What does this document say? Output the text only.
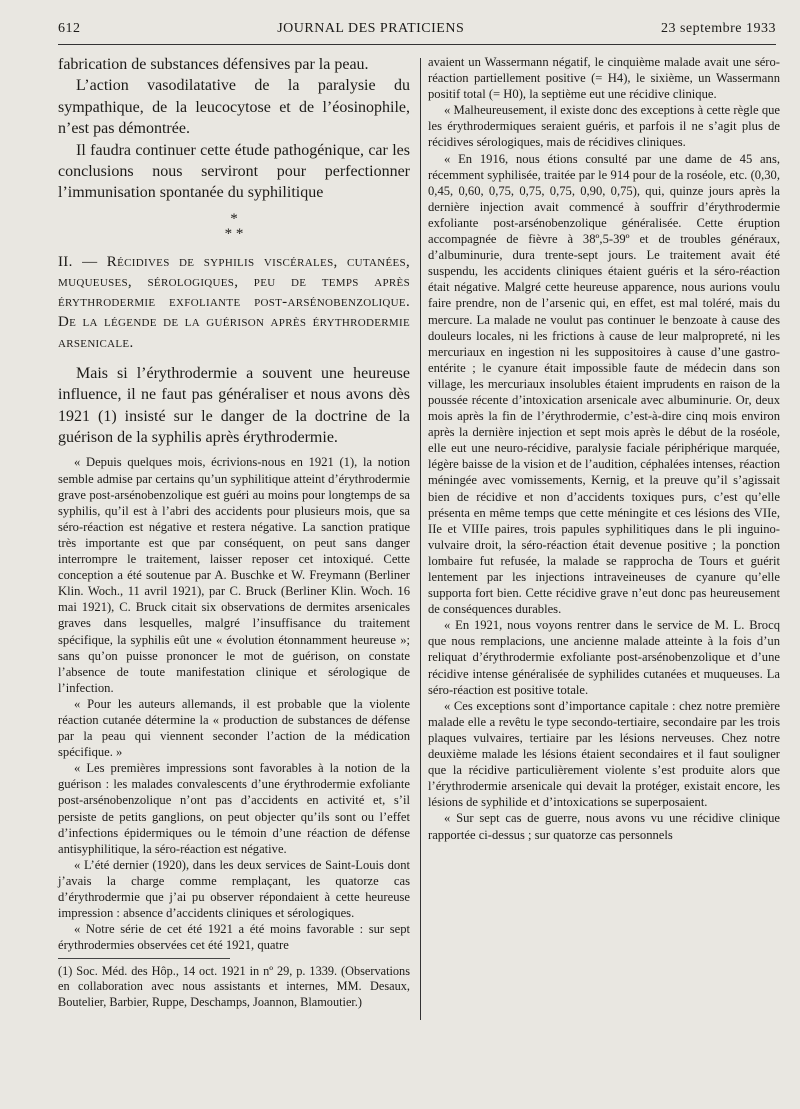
612	JOURNAL DES PRATICIENS	23 septembre 1933

fabrication de substances défensives par la peau.

L’action vasodilatative de la paralysie du sympathique, de la leucocytose et de l’éosinophile, n’est pas démontrée.

Il faudra continuer cette étude pathogénique, car les conclusions nous serviront pour perfectionner l’immunisation spontanée du syphilitique

*
* *

II. — Récidives de syphilis viscérales, cutanées, muqueuses, sérologiques, peu de temps après érythrodermie exfoliante post-arsénobenzolique. De la légende de la guérison après érythrodermie arsenicale.

Mais si l’érythrodermie a souvent une heureuse influence, il ne faut pas généraliser et nous avons dès 1921 (1) insisté sur le danger de la doctrine de la guérison de la syphilis après érythrodermie.

« Depuis quelques mois, écrivions-nous en 1921 (1), la notion semble admise par certains qu’un syphilitique atteint d’érythrodermie grave post-arsénobenzolique est guéri au moins pour longtemps de sa syphilis, qu’il est à l’abri des accidents pour plusieurs mois, que sa séro-réaction est négative et restera négative. La sanction pratique très importante est que par conséquent, on peut sans danger interrompre le traitement, laisser reposer cet intoxiqué. Cette conception a été soutenue par A. Buschke et W. Freymann (Berliner Klin. Woch., 11 avril 1921), par C. Bruck (Berliner Klin. Woch. 16 mai 1921), C. Bruck citait six observations de dermites arsenicales graves dans lesquelles, malgré l’insuffisance du traitement spécifique, la syphilis eût une « évolution étonnamment heureuse »; sans qu’on puisse prononcer le mot de guérison, on constate l’absence de toute manifestation clinique et sérologique de l’infection.

« Pour les auteurs allemands, il est probable que la violente réaction cutanée détermine la « production de substances de défense par la peau qui viennent seconder l’action de la médication spécifique. »

« Les premières impressions sont favorables à la notion de la guérison : les malades convalescents d’une érythrodermie exfoliante post-arsénobenzolique n’ont pas d’accidents en activité et, s’il persiste de petits ganglions, on peut objecter qu’ils sont ou l’effet d’infections épidermiques ou le témoin d’une réaction de défense antisyphilitique, la séro-réaction est négative.

« L’été dernier (1920), dans les deux services de Saint-Louis dont j’avais la charge comme remplaçant, les quatorze cas d’érythrodermie que j’ai pu observer répondaient à cette heureuse impression : absence d’accidents cliniques et sérologiques.

« Notre série de cet été 1921 a été moins favorable : sur sept érythrodermies observées cet été 1921, quatre

(1) Soc. Méd. des Hôp., 14 oct. 1921 in nº 29, p. 1339. (Observations en collaboration avec nous assistants et internes, MM. Desaux, Boutelier, Barbier, Ruppe, Deschamps, Joannon, Blamoutier.)

avaient un Wassermann négatif, le cinquième malade avait une séro-réaction partiellement positive (= H4), le sixième, un Wassermann positif total (= H0), la septième eut une récidive clinique.

« Malheureusement, il existe donc des exceptions à cette règle que les érythrodermiques seraient guéris, et parfois il ne s’agit plus de récidives sérologiques, mais de récidives cliniques.

« En 1916, nous étions consulté par une dame de 45 ans, récemment syphilisée, traitée par le 914 pour de la roséole, etc. (0,30, 0,45, 0,60, 0,75, 0,75, 0,75, 0,90, 0,75), qui, quinze jours après la dernière injection avait commencé à souffrir d’érythrodermie exfoliante post-arsénobenzolique généralisée. Cette éruption accompagnée de fièvre à 38º,5-39º et de troubles généraux, d’albuminurie, dura trente-sept jours. Le traitement avait été suspendu, les accidents cliniques étaient guéris et la séro-réaction était négative. Malgré cette heureuse apparence, nous aurions voulu faire prendre, non de l’arsenic qui, en effet, est mal toléré, mais du mercure. La malade ne voulut pas continuer le benzoate à cause des douleurs locales, ni les frictions à cause de leur malpropreté, ni les mercuriaux en ingestion ni les suppositoires à cause d’une gastro-entérite ; le cyanure était impossible faute de médecin dans son village, les mercuriaux insolubles étaient imprudents en raison de la poussée récente d’intoxication arsenicale avec albuminurie. Or, deux mois après la fin de l’érythrodermie, c’est-à-dire cinq mois environ après la dernière injection et sept mois après le début de la roséole, elle eut une neuro-récidive, paralysie faciale périphérique marquée, légère baisse de la vision et de l’audition, céphalées intenses, réaction méningée avec vomissements, Kernig, et la preuve qu’il s’agissait bien de récidive et non d’accidents toxiques purs, c’est qu’elle présenta en même temps que cette méningite et ces lésions des VIIe, IIe et VIIIe paires, trois papules syphilitiques dans le pli inguino-vulvaire droit, la séro-réaction était devenue positive ; la ponction lombaire fut refusée, la malade se rapprocha de Tours et guérit lentement par les injections intraveineuses de cyanure qu’elle supporta fort bien. Cette récidive grave n’eut donc pas heureusement de conséquences durables.

« En 1921, nous voyons rentrer dans le service de M. L. Brocq que nous remplacions, une ancienne malade atteinte à la fois d’un reliquat d’érythrodermie exfoliante post-arsénobenzolique et d’une récidive intense généralisée de syphilides cutanées et muqueuses. La séro-réaction est positive totale.

« Ces exceptions sont d’importance capitale : chez notre première malade elle a revêtu le type secondo-tertiaire, secondaire par les trois plaques vulvaires, tertiaire par les lésions nerveuses. Chez notre deuxième malade les lésions étaient secondaires et il faut souligner que la récidive particulièrement violente s’est produite alors que l’érythrodermie arsenicale qui devait la protéger, existait encore, les lésions de syphilide et d’intoxications se superposaient.

« Sur sept cas de guerre, nous avons vu une récidive clinique rapportée ci-dessus ; sur quatorze cas personnels
